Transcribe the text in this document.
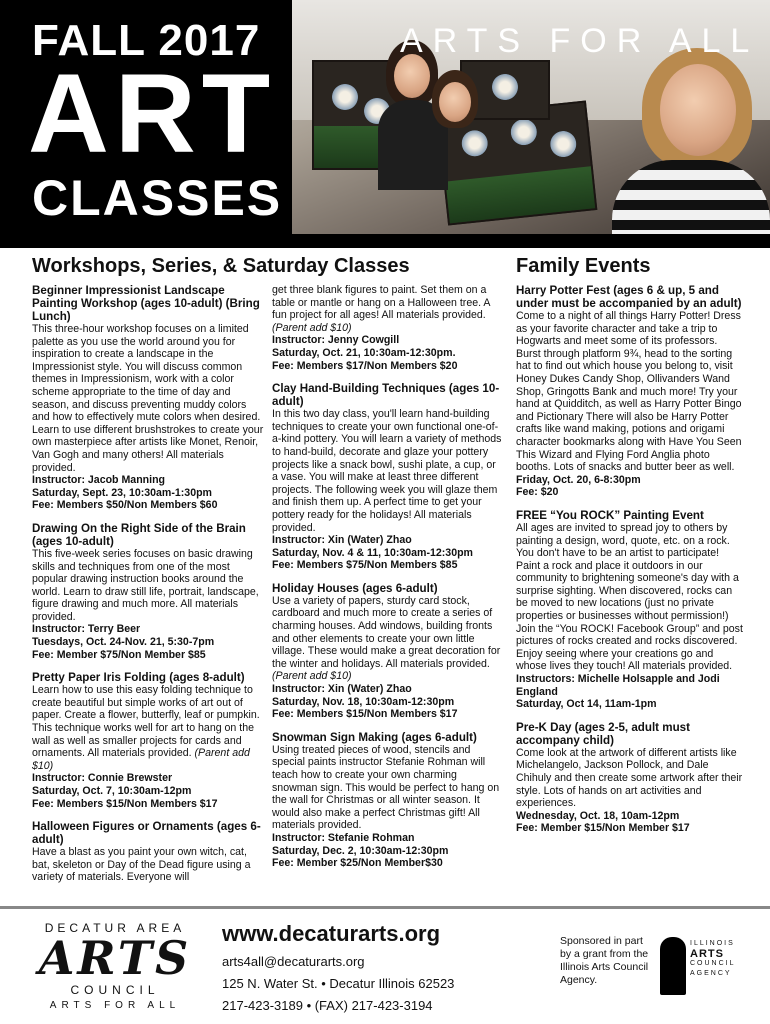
FALL 2017
ART
CLASSES
ARTS FOR ALL
Workshops, Series, & Saturday Classes
Beginner Impressionist Landscape Painting Workshop (ages 10-adult) (Bring Lunch)
This three-hour workshop focuses on a limited palette as you use the world around you for inspiration to create a landscape in the Impressionist style. You will discuss common themes in Impressionism, work with a color scheme appropriate to the time of day and season, and discuss preventing muddy colors and how to effectively mute colors when desired. Learn to use different brushstrokes to create your own masterpiece after artists like Monet, Renoir, Van Gogh and many others! All materials provided.
Instructor: Jacob Manning
Saturday, Sept. 23, 10:30am-1:30pm
Fee: Members $50/Non Members $60
Drawing On the Right Side of the Brain (ages 10-adult)
This five-week series focuses on basic drawing skills and techniques from one of the most popular drawing instruction books around the world. Learn to draw still life, portrait, landscape, figure drawing and much more. All materials provided.
Instructor: Terry Beer
Tuesdays, Oct. 24-Nov. 21, 5:30-7pm
Fee: Member $75/Non Member $85
Pretty Paper Iris Folding (ages 8-adult)
Learn how to use this easy folding technique to create beautiful but simple works of art out of paper. Create a flower, butterfly, leaf or pumpkin. This technique works well for art to hang on the wall as well as smaller projects for cards and ornaments. All materials provided. (Parent add $10)
Instructor: Connie Brewster
Saturday, Oct. 7, 10:30am-12pm
Fee: Members $15/Non Members $17
Halloween Figures or Ornaments (ages 6-adult)
Have a blast as you paint your own witch, cat, bat, skeleton or Day of the Dead figure using a variety of materials. Everyone will
get three blank figures to paint. Set them on a table or mantle or hang on a Halloween tree. A fun project for all ages! All materials provided. (Parent add $10)
Instructor: Jenny Cowgill
Saturday, Oct. 21, 10:30am-12:30pm.
Fee: Members $17/Non Members $20
Clay Hand-Building Techniques (ages 10-adult)
In this two day class, you'll learn hand-building techniques to create your own functional one-of-a-kind pottery. You will learn a variety of methods to hand-build, decorate and glaze your pottery projects like a snack bowl, sushi plate, a cup, or a vase. You will make at least three different projects. The following week you will glaze them and finish them up. A perfect time to get your pottery ready for the holidays! All materials provided.
Instructor: Xin (Water) Zhao
Saturday, Nov. 4 & 11, 10:30am-12:30pm
Fee: Members $75/Non Members $85
Holiday Houses (ages 6-adult)
Use a variety of papers, sturdy card stock, cardboard and much more to create a series of charming houses. Add windows, building fronts and other elements to create your own little village. These would make a great decoration for the winter and holidays. All materials provided. (Parent add $10)
Instructor: Xin (Water) Zhao
Saturday, Nov. 18, 10:30am-12:30pm
Fee: Members $15/Non Members $17
Snowman Sign Making (ages 6-adult)
Using treated pieces of wood, stencils and special paints instructor Stefanie Rohman will teach how to create your own charming snowman sign. This would be perfect to hang on the wall for Christmas or all winter season. It would also make a perfect Christmas gift! All materials provided.
Instructor: Stefanie Rohman
Saturday, Dec. 2, 10:30am-12:30pm
Fee: Member $25/Non Member$30
Family Events
Harry Potter Fest (ages 6 & up, 5 and under must be accompanied by an adult)
Come to a night of all things Harry Potter! Dress as your favorite character and take a trip to Hogwarts and meet some of its professors. Burst through platform 9¾, head to the sorting hat to find out which house you belong to, visit Honey Dukes Candy Shop, Ollivanders Wand Shop, Gringotts Bank and much more! Try your hand at Quidditch, as well as Harry Potter Bingo and Pictionary There will also be Harry Potter crafts like wand making, potions and origami character bookmarks along with Have You Seen This Wizard and Flying Ford Anglia photo booths. Lots of snacks and butter beer as well.
Friday, Oct. 20, 6-8:30pm
Fee: $20
FREE “You ROCK” Painting Event
All ages are invited to spread joy to others by painting a design, word, quote, etc. on a rock. You don't have to be an artist to participate! Paint a rock and place it outdoors in our community to brightening someone's day with a surprise sighting. When discovered, rocks can be moved to new locations (just no private properties or businesses without permission!) Join the “You ROCK! Facebook Group” and post pictures of rocks created and rocks discovered. Enjoy seeing where your creations go and whose lives they touch! All materials provided.
Instructors: Michelle Holsapple and Jodi England
Saturday, Oct 14, 11am-1pm
Pre-K Day (ages 2-5, adult must accompany child)
Come look at the artwork of different artists like Michelangelo, Jackson Pollock, and Dale Chihuly and then create some artwork after their style. Lots of hands on art activities and experiences.
Wednesday, Oct. 18, 10am-12pm
Fee: Member $15/Non Member $17
DECATUR AREA
ARTS
COUNCIL
ARTS FOR ALL
www.decaturarts.org
arts4all@decaturarts.org
125 N. Water St. • Decatur Illinois 62523
217-423-3189 • (FAX) 217-423-3194
Sponsored in part by a grant from the Illinois Arts Council Agency.
ILLINOIS
ARTS
COUNCIL
AGENCY
